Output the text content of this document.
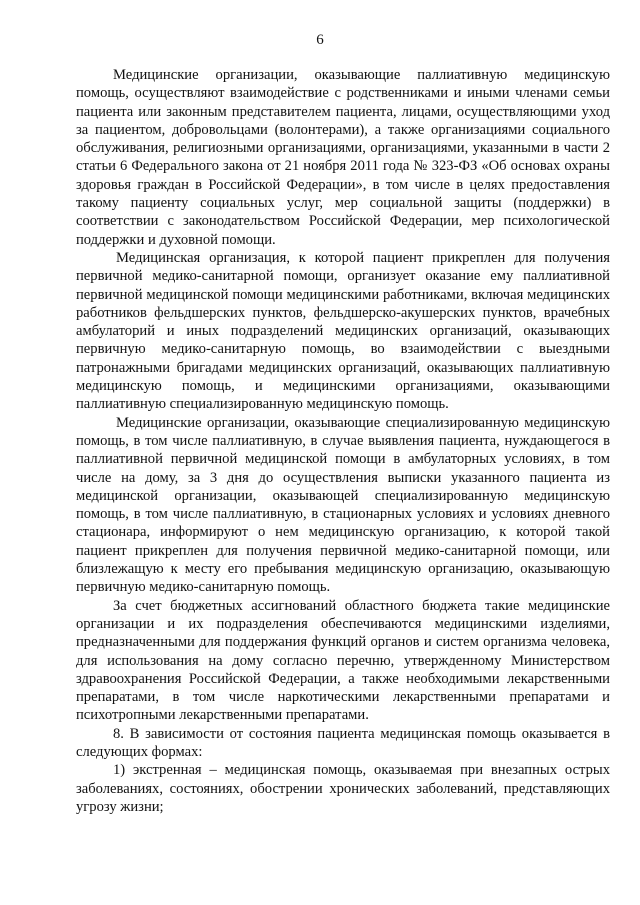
6

Медицинские организации, оказывающие паллиативную медицинскую помощь, осуществляют взаимодействие с родственниками и иными членами семьи пациента или законным представителем пациента, лицами, осуществляющими уход за пациентом, добровольцами (волонтерами), а также организациями социального обслуживания, религиозными организациями, организациями, указанными в части 2 статьи 6 Федерального закона от 21 ноября 2011 года № 323-ФЗ «Об основах охраны здоровья граждан в Российской Федерации», в том числе в целях предоставления такому пациенту социальных услуг, мер социальной защиты (поддержки) в соответствии с законодательством Российской Федерации, мер психологической поддержки и духовной помощи.

Медицинская организация, к которой пациент прикреплен для получения первичной медико-санитарной помощи, организует оказание ему паллиативной первичной медицинской помощи медицинскими работниками, включая медицинских работников фельдшерских пунктов, фельдшерско-акушерских пунктов, врачебных амбулаторий и иных подразделений медицинских организаций, оказывающих первичную медико-санитарную помощь, во взаимодействии с выездными патронажными бригадами медицинских организаций, оказывающих паллиативную медицинскую помощь, и медицинскими организациями, оказывающими паллиативную специализированную медицинскую помощь.

Медицинские организации, оказывающие специализированную медицинскую помощь, в том числе паллиативную, в случае выявления пациента, нуждающегося в паллиативной первичной медицинской помощи в амбулаторных условиях, в том числе на дому, за 3 дня до осуществления выписки указанного пациента из медицинской организации, оказывающей специализированную медицинскую помощь, в том числе паллиативную, в стационарных условиях и условиях дневного стационара, информируют о нем медицинскую организацию, к которой такой пациент прикреплен для получения первичной медико-санитарной помощи, или близлежащую к месту его пребывания медицинскую организацию, оказывающую первичную медико-санитарную помощь.

За счет бюджетных ассигнований областного бюджета такие медицинские организации и их подразделения обеспечиваются медицинскими изделиями, предназначенными для поддержания функций органов и систем организма человека, для использования на дому согласно перечню, утвержденному Министерством здравоохранения Российской Федерации, а также необходимыми лекарственными препаратами, в том числе наркотическими лекарственными препаратами и психотропными лекарственными препаратами.

8. В зависимости от состояния пациента медицинская помощь оказывается в следующих формах:

1) экстренная – медицинская помощь, оказываемая при внезапных острых заболеваниях, состояниях, обострении хронических заболеваний, представляющих угрозу жизни;
